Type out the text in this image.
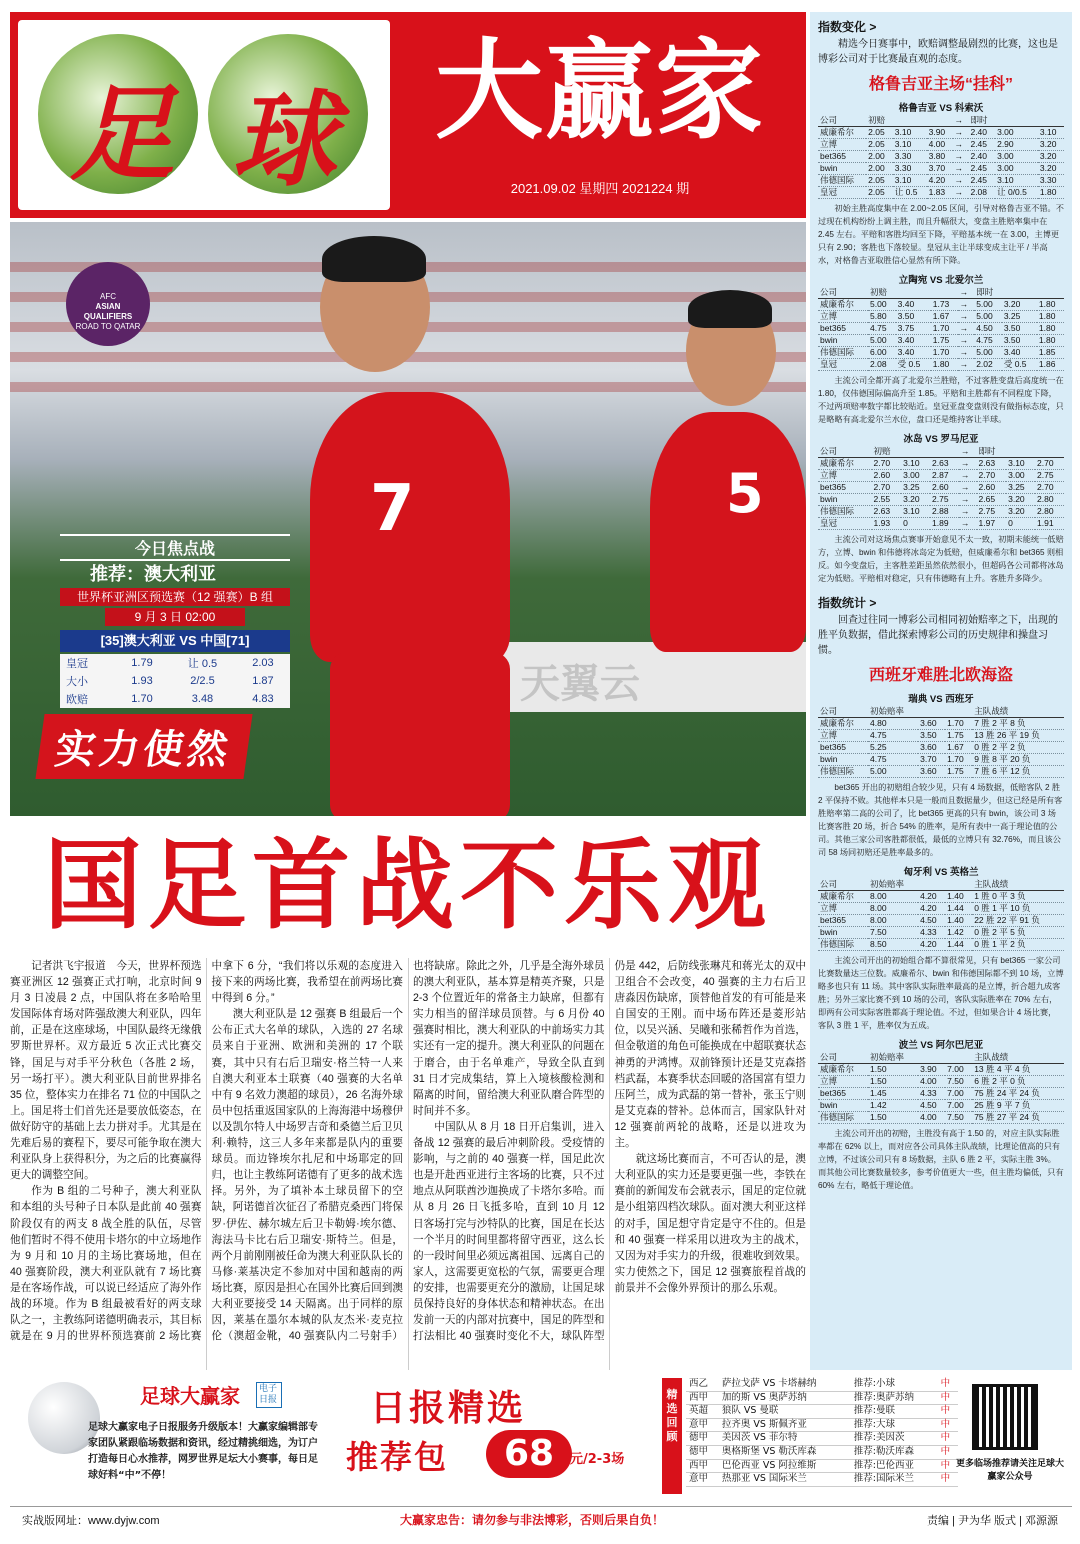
足 球 大赢家
2021.09.02 星期四 2021224 期
天翼云
AFC
ASIAN
QUALIFIERS
ROAD TO QATAR
7	5
今日焦点战
推荐：澳大利亚
世界杯亚洲区预选赛（12 强赛）B 组
9 月 3 日 02:00
[35]澳大利亚 VS 中国[71]
皇冠	1.79	让 0.5	2.03
大小	1.93	2/2.5	1.87
欧赔	1.70	3.48	4.83
实力使然
国足首战不乐观

记者洪飞宇报道　今天，世界杯预选赛亚洲区 12 强赛正式打响，北京时间 9 月 3 日凌晨 2 点，中国队将在多哈哈里发国际体育场对阵强敌澳大利亚队，四年前，正是在这座球场，中国队最终无缘俄罗斯世界杯。双方最近 5 次正式比赛交锋，国足与对手平分秋色（各胜 2 场，另一场打平）。澳大利亚队目前世界排名 35 位，整体实力在排名 71 位的中国队之上。国足将士们首先还是要放低姿态，在做好防守的基础上去力拼对手。尤其是在先难后易的赛程下，要尽可能争取在澳大利亚队身上获得积分，为之后的比赛赢得更大的调整空间。

作为 B 组的二号种子，澳大利亚队和本组的头号种子日本队是此前 40 强赛阶段仅有的两支 8 战全胜的队伍，尽管他们暂时不得不使用卡塔尔的中立场地作为 9 月和 10 月的主场比赛场地，但在 40 强赛阶段，澳大利亚队就有 7 场比赛是在客场作战，可以说已经适应了海外作战的环境。作为 B 组最被看好的两支球队之一，主教练阿诺德明确表示，其目标就是在 9 月的世界杯预选赛前 2 场比赛中拿下 6 分，“我们将以乐观的态度进入接下来的两场比赛，我希望在前两场比赛中得到 6 分。”

澳大利亚队是 12 强赛 B 组最后一个公布正式大名单的球队，入选的 27 名球员来自于亚洲、欧洲和美洲的 17 个联赛，其中只有右后卫瑞安·格兰特一人来自澳大利亚本土联赛（40 强赛的大名单中有 9 名效力澳超的球员），26 名海外球员中包括重返国家队的上海海港中场穆伊以及凯尔特人中场罗吉奇和桑德兰后卫贝利·赖特，这三人多年来都是队内的重要球员。而边锋埃尔扎尼和中场耶定的回归，也让主教练阿诺德有了更多的战术选择。另外，为了填补本土球员留下的空缺，阿诺德首次征召了希腊克桑西门将保罗·伊佐、赫尔城左后卫卡勒姆·埃尔德、海法马卡比右后卫瑞安·斯特兰。但是，两个月前刚刚被任命为澳大利亚队队长的马修·莱基决定不参加对中国和越南的两场比赛，原因是担心在国外比赛后回到澳大利亚要接受 14 天隔离。出于同样的原因，莱基在墨尔本城的队友杰米·麦克拉伦（澳超金靴，40 强赛队内二号射手）也将缺席。除此之外，几乎是全海外球员的澳大利亚队，基本算是精英齐聚，只是 2-3 个位置近年的常备主力缺席，但都有实力相当的留洋球员顶替。与 6 月份 40 强赛时相比，澳大利亚队的中前场实力其实还有一定的提升。澳大利亚队的问题在于磨合，由于名单难产，导致全队直到 31 日才完成集结，算上入境核酸检测和隔离的时间，留给澳大利亚队磨合阵型的时间并不多。

中国队从 8 月 18 日开启集训，进入备战 12 强赛的最后冲刺阶段。受疫情的影响，与之前的 40 强赛一样，国足此次也是开赴西亚进行主客场的比赛，只不过地点从阿联酋沙迦换成了卡塔尔多哈。而从 8 月 26 日飞抵多哈，直到 10 月 12 日客场打完与沙特队的比赛，国足在长达一个半月的时间里都将留守西亚，这么长的一段时间里必须远离祖国、远离自己的家人，这需要更宽松的气氛，需要更合理的安排，也需要更充分的激励，让国足球员保持良好的身体状态和精神状态。在出发前一天的内部对抗赛中，国足的阵型和打法相比 40 强赛时变化不大，球队阵型仍是 442，后防线张琳芃和蒋光太的双中卫组合不会改变，40 强赛的主力右后卫唐淼因伤缺席，顶替他首发的有可能是来自国安的王刚。而中场布阵还是菱形站位，以吴兴涵、吴曦和张稀哲作为首选，但金敬道的角色可能换成在中超联赛状态神勇的尹鸿博。双前锋预计还是艾克森搭档武磊，本赛季状态回暖的洛国富有望力压阿兰，成为武磊的第一替补，张玉宁则是艾克森的替补。总体而言，国家队针对 12 强赛前两轮的战略，还是以进攻为主。

就这场比赛而言，不可否认的是，澳大利亚队的实力还是要更强一些，李铁在赛前的新闻发布会就表示，国足的定位就是小组第四档次球队。面对澳大利亚这样的对手，国足想守肯定是守不住的。但是和 40 强赛一样采用以进攻为主的战术，又因为对手实力的升级，很难收到效果。实力使然之下，国足 12 强赛旅程首战的前景并不会像外界预计的那么乐观。

指数变化 >
精选今日赛事中，欧赔调整最剧烈的比赛，这也是博彩公司对于比赛最直观的态度。
格鲁吉亚主场“挂科”
格鲁吉亚 VS 科索沃
公司	初赔			→	即时		
威廉希尔	2.05	3.10	3.90	→	2.40	3.00	3.10
立博	2.05	3.10	4.00	→	2.45	2.90	3.20
bet365	2.00	3.30	3.80	→	2.40	3.00	3.20
bwin	2.00	3.30	3.70	→	2.45	3.00	3.20
伟德国际	2.05	3.10	4.20	→	2.45	3.10	3.30
皇冠	2.05	让 0.5	1.83	→	2.08	让 0/0.5	1.80
初始主胜高度集中在 2.00~2.05 区间，引导对格鲁吉亚不错。不过现在机构纷纷上调主胜，而且升幅很大，变盘主胜赔率集中在 2.45 左右。平赔和客胜均回至下降，平赔基本统一在 3.00，主博更只有 2.90；客胜也下落较显。皇冠从主让半球变成主让平 / 半高水，对格鲁吉亚取胜信心显然有所下降。
立陶宛 VS 北爱尔兰
公司	初赔			→	即时		
威廉希尔	5.00	3.40	1.73	→	5.00	3.20	1.80
立博	5.80	3.50	1.67	→	5.00	3.25	1.80
bet365	4.75	3.75	1.70	→	4.50	3.50	1.80
bwin	5.00	3.40	1.75	→	4.75	3.50	1.80
伟德国际	6.00	3.40	1.70	→	5.00	3.40	1.85
皇冠	2.08	受 0.5	1.80	→	2.02	受 0.5	1.86
主流公司全都开高了北爱尔兰胜赔，不过客胜变盘后高度统一在 1.80，仅伟德国际偏高升至 1.85。平赔和主胜都有不同程度下降，不过两项赔率数字都比较贴近。皇冠亚盘变盘则没有做指标态度，只是略略有高北爱尔兰水位，盘口还是维持客让半球。
冰岛 VS 罗马尼亚
公司	初赔			→	即时		
威廉希尔	2.70	3.10	2.63	→	2.63	3.10	2.70
立博	2.60	3.00	2.87	→	2.70	3.00	2.75
bet365	2.70	3.25	2.60	→	2.60	3.25	2.70
bwin	2.55	3.20	2.75	→	2.65	3.20	2.80
伟德国际	2.63	3.10	2.88	→	2.75	3.20	2.80
皇冠	1.93	0	1.89	→	1.97	0	1.91
主流公司对这场焦点赛事开始意见不太一致，初期未能统一低赔方，立博、bwin 和伟德将冰岛定为低赔，但威廉希尔和 bet365 则相反。如今变盘后，主客胜差距虽然依然很小，但超码各公司都将冰岛定为低赔。平赔相对稳定，只有伟德略有上升。客胜升多降少。
指数统计 >
回查过往同一博彩公司相同初始赔率之下，出现的胜平负数据，借此探索博彩公司的历史规律和操盘习惯。
西班牙难胜北欧海盗
瑞典 VS 西班牙
公司	初始赔率			主队战绩
威廉希尔	4.80	3.60	1.70	7 胜 2 平 8 负
立博	4.75	3.50	1.75	13 胜 26 平 19 负
bet365	5.25	3.60	1.67	0 胜 2 平 2 负
bwin	4.75	3.70	1.70	9 胜 8 平 20 负
伟德国际	5.00	3.60	1.75	7 胜 6 平 12 负
bet365 开出的初赔组合较少见，只有 4 场数据，低赔客队 2 胜 2 平保持不败。其他样本只是一般而且数据量少，但这已经是所有客胜赔率第二高的公司了，比 bet365 更高的只有 bwin，该公司 3 场比赛客胜 20 场，折合 54% 的胜率，是所有表中一高于理论值的公司。其他三家公司客胜都很低，最低的立博只有 32.76%，而且该公司 58 场同初赔还是胜率最多的。
匈牙利 VS 英格兰
公司	初始赔率			主队战绩
威廉希尔	8.00	4.20	1.40	1 胜 0 平 3 负
立博	8.00	4.20	1.44	0 胜 1 平 10 负
bet365	8.00	4.50	1.40	22 胜 22 平 91 负
bwin	7.50	4.33	1.42	0 胜 2 平 5 负
伟德国际	8.50	4.20	1.44	0 胜 1 平 2 负
主流公司开出的初始组合都不算很常见，只有 bet365 一家公司比赛数量达三位数。威廉希尔、bwin 和伟德国际都不到 10 场，立博略多也只有 11 场。其中客队实际胜率最高的是立博，折合超九成客胜；另外三家比赛不到 10 场的公司，客队实际胜率在 70% 左右，即两有公司实际客胜都高于理论值。不过，但如果合计 4 场比赛，客队 3 胜 1 平，胜率仅为五成。
波兰 VS 阿尔巴尼亚
公司	初始赔率			主队战绩
威廉希尔	1.50	3.90	7.00	13 胜 4 平 4 负
立博	1.50	4.00	7.50	6 胜 2 平 0 负
bet365	1.45	4.33	7.00	75 胜 24 平 24 负
bwin	1.42	4.50	7.00	25 胜 9 平 7 负
伟德国际	1.50	4.00	7.50	75 胜 27 平 24 负
主流公司开出的初赔，主胜没有高于 1.50 的，对应主队实际胜率都在 62% 以上，而对应各公司具体主队战绩，比理论值高的只有立博，不过该公司只有 8 场数据，主队 6 胜 2 平，实际主胜 3%。而其他公司比赛数量较多，参考价值更大一些，但主胜均偏低，只有 60% 左右，略低于理论值。
足球大赢家	电子日报
足球大赢家电子日报服务升级版本！大赢家编辑部专家团队紧跟临场数据和资讯，经过精挑细选，为订户打造每日心水推荐，网罗世界足坛大小赛事，每日足球好料“中”不停！
日报精选
推荐包	68	元/2-3场
精选回顾
西乙	萨拉戈萨 VS 卡塔赫纳	推荐:小球	中
西甲	加的斯 VS 奥萨苏纳	推荐:奥萨苏纳	中
英超	狼队 VS 曼联	推荐:曼联	中
意甲	拉齐奥 VS 斯佩齐亚	推荐:大球	中
德甲	美因茨 VS 菲尔特	推荐:美因茨	中
德甲	奥格斯堡 VS 勒沃库森	推荐:勒沃库森	中
西甲	巴伦西亚 VS 阿拉维斯	推荐:巴伦西亚	中
意甲	热那亚 VS 国际米兰	推荐:国际米兰	中
更多临场推荐请关注足球大赢家公众号
实战版网址：www.dyjw.com	大赢家忠告：请勿参与非法博彩，否则后果自负！	责编 | 尹为华 版式 | 邓源源
